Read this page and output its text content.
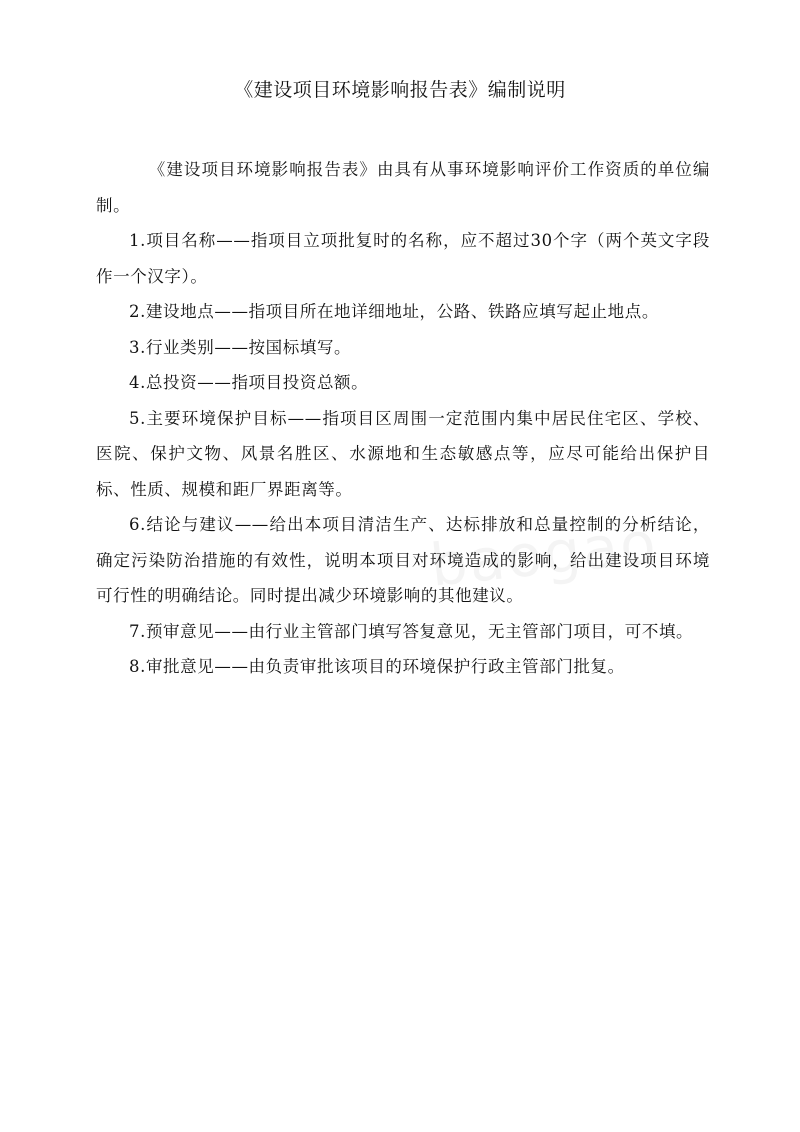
《建设项目环境影响报告表》编制说明

《建设项目环境影响报告表》由具有从事环境影响评价工作资质的单位编制。

1.项目名称——指项目立项批复时的名称，应不超过30个字（两个英文字段作一个汉字）。

2.建设地点——指项目所在地详细地址，公路、铁路应填写起止地点。

3.行业类别——按国标填写。

4.总投资——指项目投资总额。

5.主要环境保护目标——指项目区周围一定范围内集中居民住宅区、学校、医院、保护文物、风景名胜区、水源地和生态敏感点等，应尽可能给出保护目标、性质、规模和距厂界距离等。

6.结论与建议——给出本项目清洁生产、达标排放和总量控制的分析结论，确定污染防治措施的有效性，说明本项目对环境造成的影响，给出建设项目环境可行性的明确结论。同时提出减少环境影响的其他建议。

7.预审意见——由行业主管部门填写答复意见，无主管部门项目，可不填。

8.审批意见——由负责审批该项目的环境保护行政主管部门批复。
